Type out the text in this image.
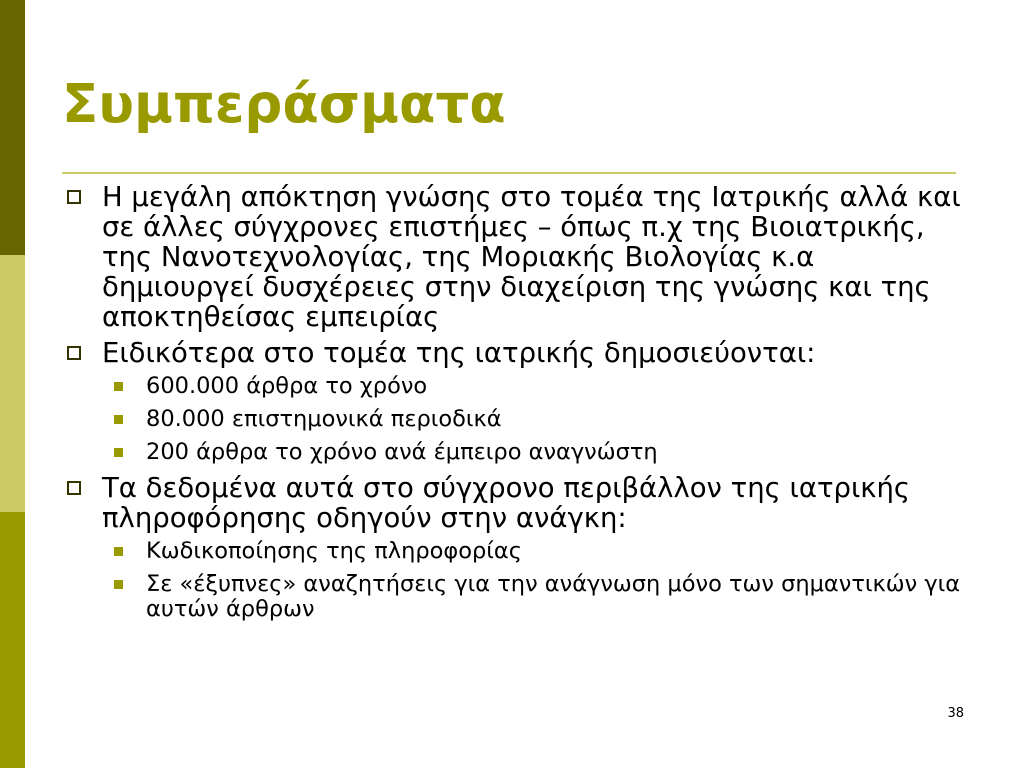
Συμπεράσματα
Η μεγάλη απόκτηση γνώσης στο τομέα της Ιατρικής αλλά και σε άλλες σύγχρονες επιστήμες – όπως π.χ της Βιοιατρικής, της Νανοτεχνολογίας, της Μοριακής Βιολογίας κ.α δημιουργεί δυσχέρειες στην διαχείριση της γνώσης και της αποκτηθείσας εμπειρίας
Ειδικότερα στο τομέα της ιατρικής δημοσιεύονται:
600.000 άρθρα το χρόνο
80.000 επιστημονικά περιοδικά
200 άρθρα το χρόνο ανά έμπειρο αναγνώστη
Τα δεδομένα αυτά στο σύγχρονο περιβάλλον της ιατρικής πληροφόρησης οδηγούν στην ανάγκη:
Κωδικοποίησης της πληροφορίας
Σε «έξυπνες» αναζητήσεις για την ανάγνωση μόνο των σημαντικών για αυτών άρθρων
38
